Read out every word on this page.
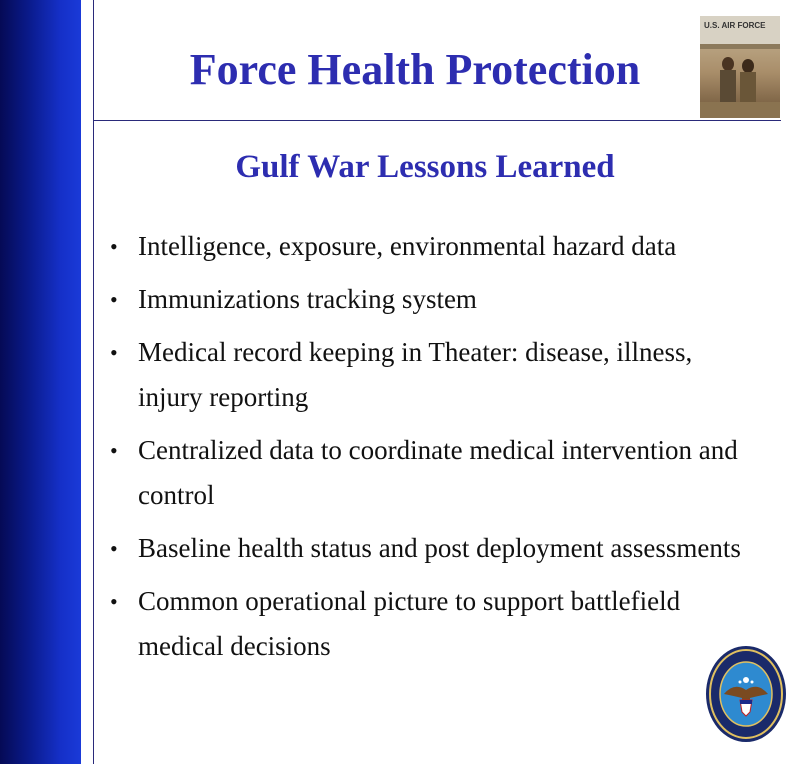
Force Health Protection
U.S. AIR FORCE
Gulf War Lessons Learned
• Intelligence, exposure, environmental hazard data
• Immunizations tracking system
• Medical record keeping in Theater: disease, illness, injury reporting
• Centralized data to coordinate medical intervention and control
• Baseline health status and post deployment assessments
• Common operational picture to support battlefield medical decisions
